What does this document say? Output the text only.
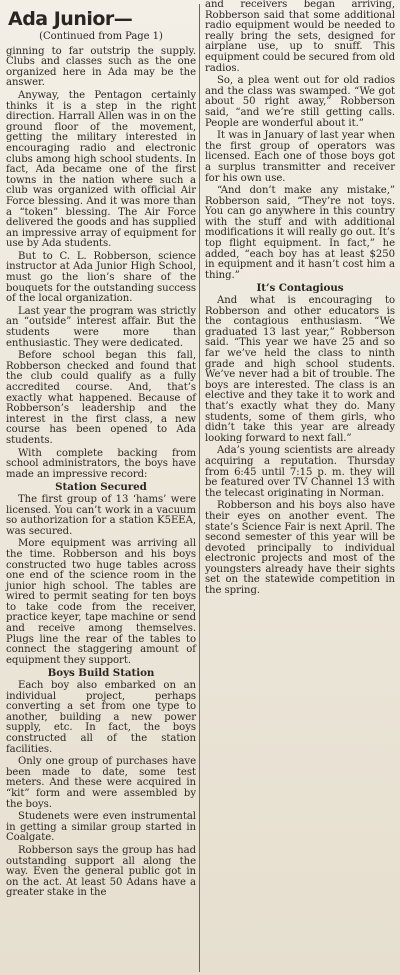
Ada Junior—
(Continued from Page 1)

ginning to far outstrip the supply. Clubs and classes such as the one organized here in Ada may be the answer.

Anyway, the Pentagon certainly thinks it is a step in the right direction. Harrall Allen was in on the ground floor of the movement, getting the military interested in encouraging radio and electronic clubs among high school students. In fact, Ada became one of the first towns in the nation where such a club was organized with official Air Force blessing. And it was more than a “token” blessing. The Air Force delivered the goods and has supplied an impressive array of equipment for use by Ada students.

But to C. L. Robberson, science instructor at Ada Junior High School, must go the lion’s share of the bouquets for the outstanding success of the local organization.

Last year the program was strictly an “outside” interest affair. But the students were more than enthusiastic. They were dedicated.

Before school began this fall, Robberson checked and found that the club could qualify as a fully accredited course. And, that’s exactly what happened. Because of Robberson’s leadership and the interest in the first class, a new course has been opened to Ada students.

With complete backing from school administrators, the boys have made an impressive record:

Station Secured

The first group of 13 ‘hams’ were licensed. You can’t work in a vacuum so authorization for a station K5EEA, was secured.

More equipment was arriving all the time. Robberson and his boys constructed two huge tables across one end of the science room in the junior high school. The tables are wired to permit seating for ten boys to take code from the receiver, practice keyer, tape machine or send and receive among themselves. Plugs line the rear of the tables to connect the staggering amount of equipment they support.

Boys Build Station

Each boy also embarked on an individual project, perhaps converting a set from one type to another, building a new power supply, etc. In fact, the boys constructed all of the station facilities.

Only one group of purchases have been made to date, some test meters. And these were acquired in “kit” form and were assembled by the boys.

Studenets were even instrumental in getting a similar group started in Coalgate.

Robberson says the group has had outstanding support all along the way. Even the general public got in on the act. At least 50 Adans have a greater stake in the

and receivers began arriving, Robberson said that some additional radio equipment would be needed to really bring the sets, designed for airplane use, up to snuff. This equipment could be secured from old radios.

So, a plea went out for old radios and the class was swamped. “We got about 50 right away,” Robberson said, “and we’re still getting calls. People are wonderful about it.”

It was in January of last year when the first group of operators was licensed. Each one of those boys got a surplus transmitter and receiver for his own use.

“And don’t make any mistake,” Robberson said, “They’re not toys. You can go anywhere in this country with the stuff and with additional modifications it will really go out. It’s top flight equipment. In fact,” he added, “each boy has at least $250 in equipment and it hasn’t cost him a thing.”

It’s Contagious

And what is encouraging to Robberson and other educators is the contagious enthusiasm. “We graduated 13 last year,” Robberson said. “This year we have 25 and so far we’ve held the class to ninth grade and high school students. We’ve never had a bit of trouble. The boys are interested. The class is an elective and they take it to work and that’s exactly what they do. Many students, some of them girls, who didn’t take this year are already looking forward to next fall.”

Ada’s young scientists are already acquiring a reputation. Thursday from 6:45 until 7:15 p. m. they will be featured over TV Channel 13 with the telecast originating in Norman.

Robberson and his boys also have their eyes on another event. The state’s Science Fair is next April. The second semester of this year will be devoted principally to individual electronic projects and most of the youngsters already have their sights set on the statewide competition in the spring.
